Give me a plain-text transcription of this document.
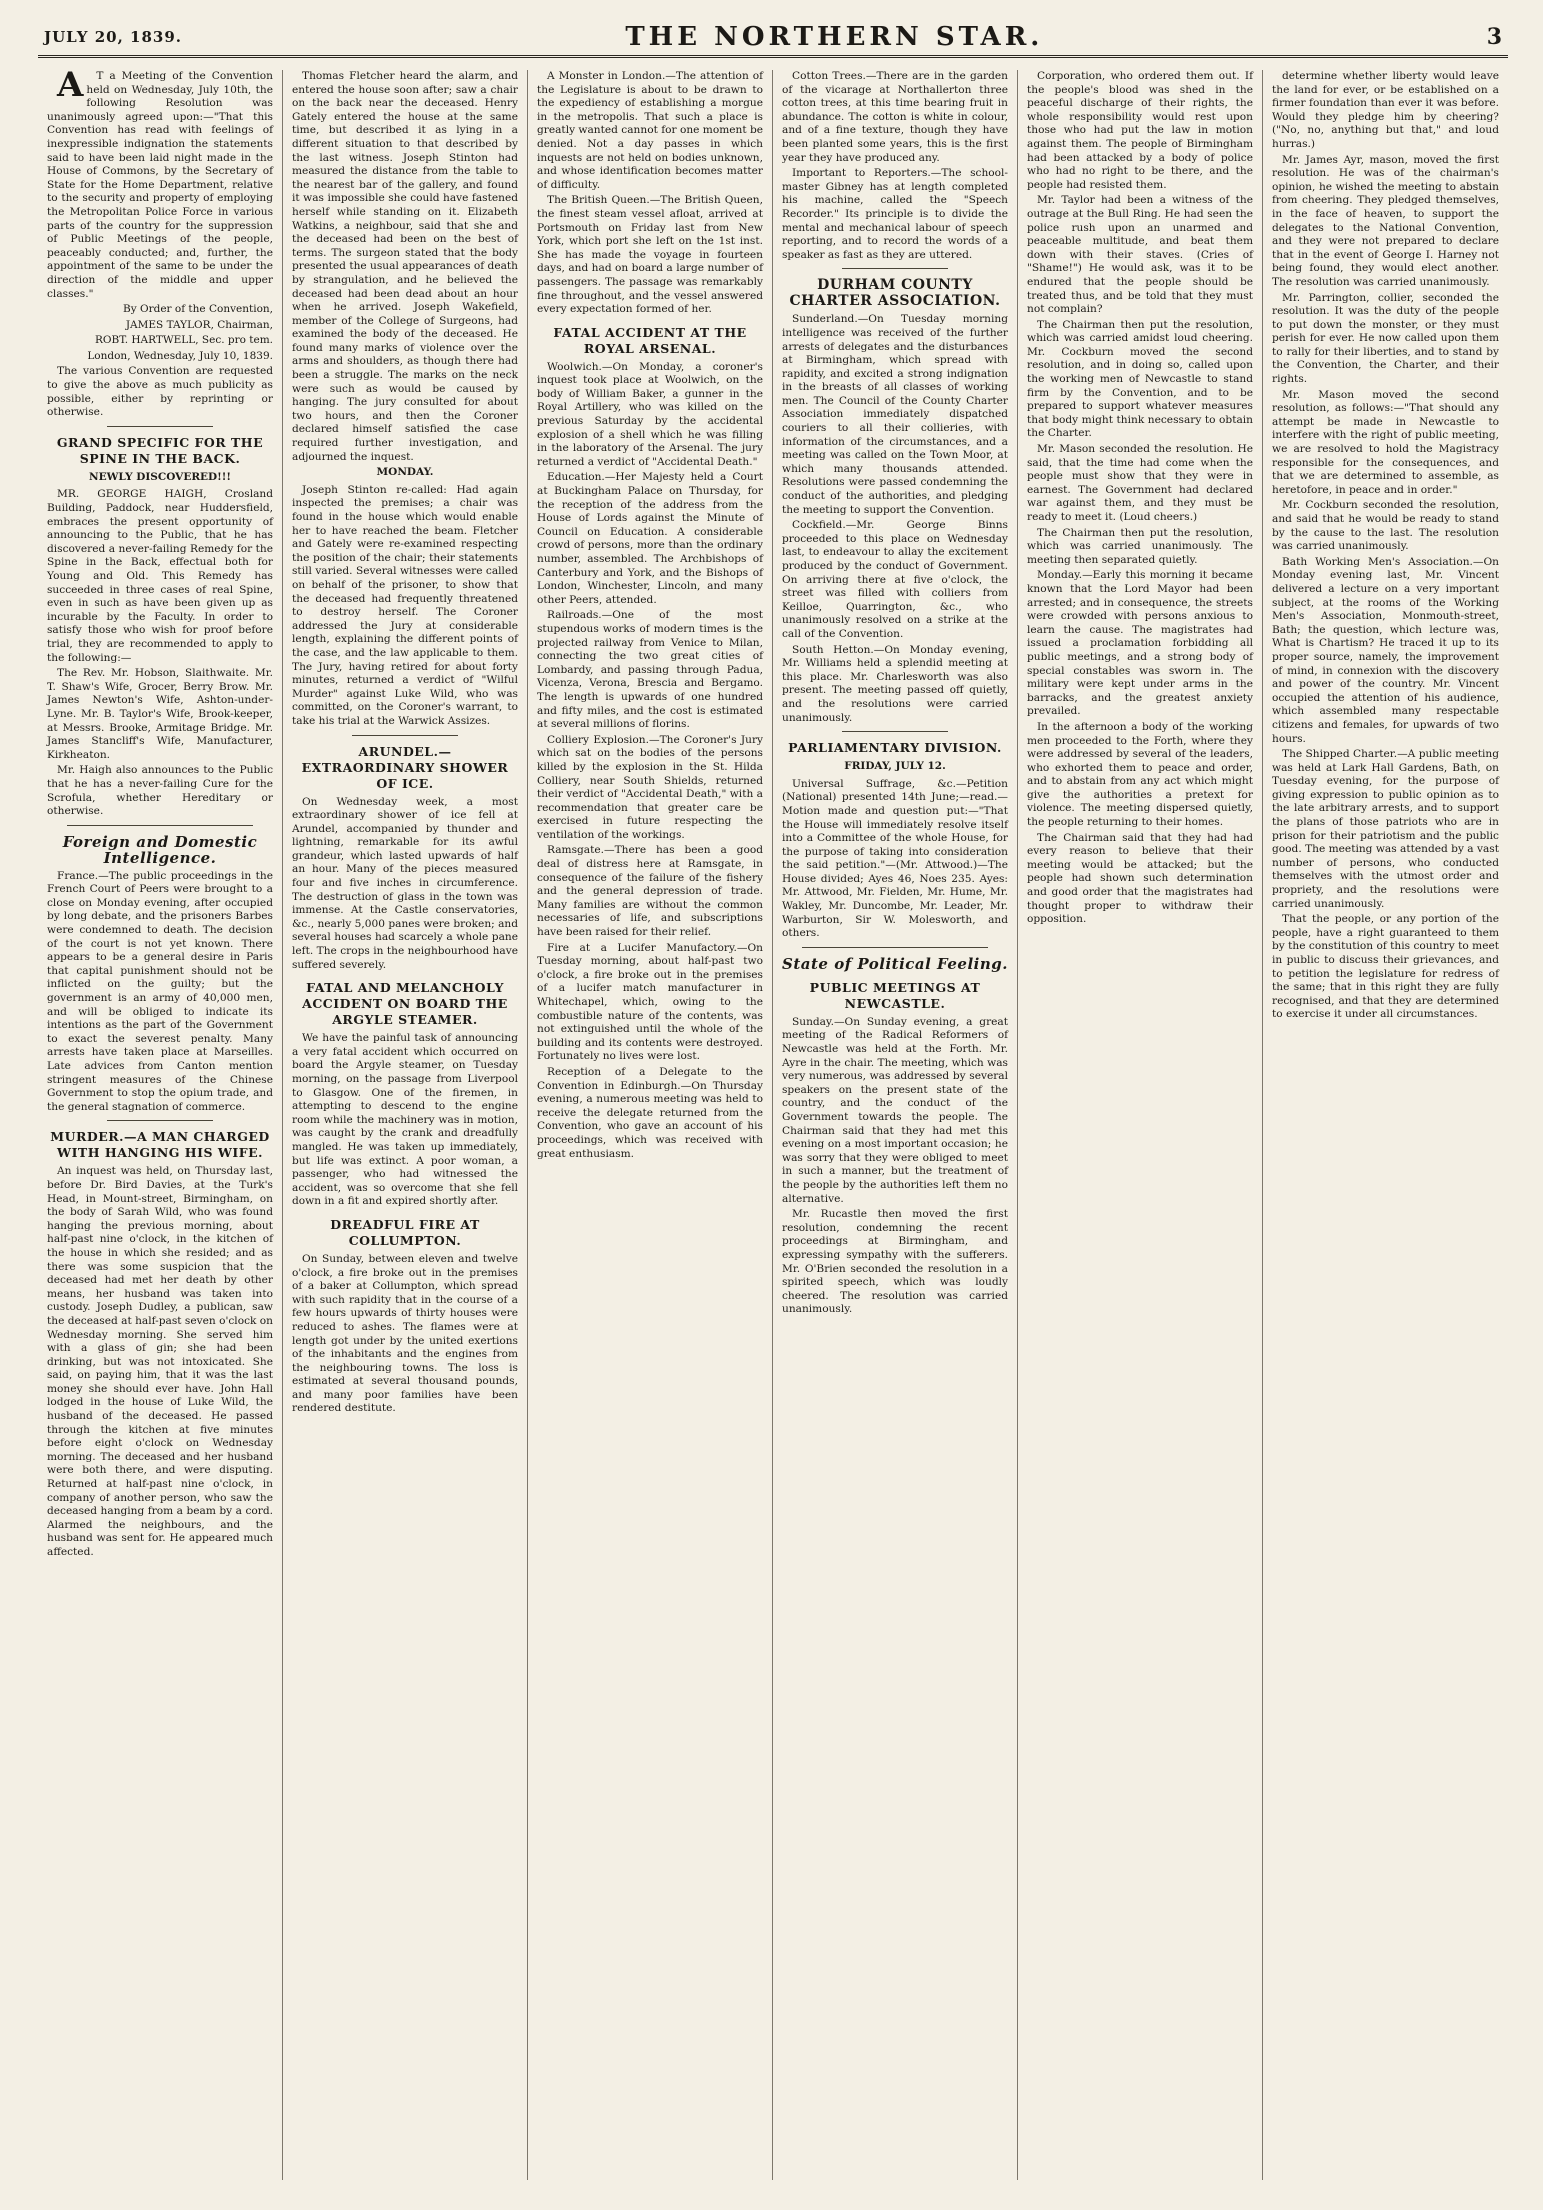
JULY 20, 1839.	THE NORTHERN STAR.	3

A T a Meeting of the Convention held on Wednesday, July 10th, the following Resolution was unanimously agreed upon:—"That this Convention has read with feelings of inexpressible indignation the statements said to have been laid night made in the House of Commons, by the Secretary of State for the Home Department, relative to the security and property of employing the Metropolitan Police Force in various parts of the country for the suppression of Public Meetings of the people, peaceably conducted; and, further, the appointment of the same to be under the direction of the middle and upper classes."

By Order of the Convention,
JAMES TAYLOR, Chairman,
ROBT. HARTWELL, Sec. pro tem.
London, Wednesday, July 10, 1839.

The various Convention are requested to give the above as much publicity as possible, either by reprinting or otherwise.

GRAND SPECIFIC FOR THE SPINE IN THE BACK.
NEWLY DISCOVERED!!!

MR. GEORGE HAIGH, Crosland Building, Paddock, near Huddersfield, embraces the present opportunity of announcing to the Public, that he has discovered a never-failing Remedy for the Spine in the Back, effectual both for Young and Old. This Remedy has succeeded in three cases of real Spine, even in such as have been given up as incurable by the Faculty. In order to satisfy those who wish for proof before trial, they are recommended to apply to the following:—

The Rev. Mr. Hobson, Slaithwaite. Mr. T. Shaw's Wife, Grocer, Berry Brow. Mr. James Newton's Wife, Ashton-under-Lyne. Mr. B. Taylor's Wife, Brook-keeper, at Messrs. Brooke, Armitage Bridge. Mr. James Stancliff's Wife, Manufacturer, Kirkheaton.

Mr. Haigh also announces to the Public that he has a never-failing Cure for the Scrofula, whether Hereditary or otherwise.

Foreign and Domestic Intelligence.

France.—The public proceedings in the French Court of Peers were brought to a close on Monday evening, after occupied by long debate, and the prisoners Barbes were condemned to death. The decision of the court is not yet known. There appears to be a general desire in Paris that capital punishment should not be inflicted on the guilty; but the government is an army of 40,000 men, and will be obliged to indicate its intentions as the part of the Government to exact the severest penalty. Many arrests have taken place at Marseilles. Late advices from Canton mention stringent measures of the Chinese Government to stop the opium trade, and the general stagnation of commerce.

MURDER.—A MAN CHARGED WITH HANGING HIS WIFE.

An inquest was held, on Thursday last, before Dr. Bird Davies, at the Turk's Head, in Mount-street, Birmingham, on the body of Sarah Wild, who was found hanging the previous morning, about half-past nine o'clock, in the kitchen of the house in which she resided; and as there was some suspicion that the deceased had met her death by other means, her husband was taken into custody. Joseph Dudley, a publican, saw the deceased at half-past seven o'clock on Wednesday morning. She served him with a glass of gin; she had been drinking, but was not intoxicated. She said, on paying him, that it was the last money she should ever have. John Hall lodged in the house of Luke Wild, the husband of the deceased. He passed through the kitchen at five minutes before eight o'clock on Wednesday morning. The deceased and her husband were both there, and were disputing. Returned at half-past nine o'clock, in company of another person, who saw the deceased hanging from a beam by a cord. Alarmed the neighbours, and the husband was sent for. He appeared much affected.

Thomas Fletcher heard the alarm, and entered the house soon after; saw a chair on the back near the deceased. Henry Gately entered the house at the same time, but described it as lying in a different situation to that described by the last witness. Joseph Stinton had measured the distance from the table to the nearest bar of the gallery, and found it was impossible she could have fastened herself while standing on it. Elizabeth Watkins, a neighbour, said that she and the deceased had been on the best of terms. The surgeon stated that the body presented the usual appearances of death by strangulation, and he believed the deceased had been dead about an hour when he arrived. Joseph Wakefield, member of the College of Surgeons, had examined the body of the deceased. He found many marks of violence over the arms and shoulders, as though there had been a struggle. The marks on the neck were such as would be caused by hanging. The jury consulted for about two hours, and then the Coroner declared himself satisfied the case required further investigation, and adjourned the inquest.

MONDAY.

Joseph Stinton re-called: Had again inspected the premises; a chair was found in the house which would enable her to have reached the beam. Fletcher and Gately were re-examined respecting the position of the chair; their statements still varied. Several witnesses were called on behalf of the prisoner, to show that the deceased had frequently threatened to destroy herself. The Coroner addressed the Jury at considerable length, explaining the different points of the case, and the law applicable to them. The Jury, having retired for about forty minutes, returned a verdict of "Wilful Murder" against Luke Wild, who was committed, on the Coroner's warrant, to take his trial at the Warwick Assizes.

ARUNDEL.—EXTRAORDINARY SHOWER OF ICE.

On Wednesday week, a most extraordinary shower of ice fell at Arundel, accompanied by thunder and lightning, remarkable for its awful grandeur, which lasted upwards of half an hour. Many of the pieces measured four and five inches in circumference. The destruction of glass in the town was immense. At the Castle conservatories, &c., nearly 5,000 panes were broken; and several houses had scarcely a whole pane left. The crops in the neighbourhood have suffered severely.

FATAL AND MELANCHOLY ACCIDENT ON BOARD THE ARGYLE STEAMER.

We have the painful task of announcing a very fatal accident which occurred on board the Argyle steamer, on Tuesday morning, on the passage from Liverpool to Glasgow. One of the firemen, in attempting to descend to the engine room while the machinery was in motion, was caught by the crank and dreadfully mangled. He was taken up immediately, but life was extinct. A poor woman, a passenger, who had witnessed the accident, was so overcome that she fell down in a fit and expired shortly after.

DREADFUL FIRE AT COLLUMPTON.

On Sunday, between eleven and twelve o'clock, a fire broke out in the premises of a baker at Collumpton, which spread with such rapidity that in the course of a few hours upwards of thirty houses were reduced to ashes. The flames were at length got under by the united exertions of the inhabitants and the engines from the neighbouring towns. The loss is estimated at several thousand pounds, and many poor families have been rendered destitute.

A Monster in London.—The attention of the Legislature is about to be drawn to the expediency of establishing a morgue in the metropolis. That such a place is greatly wanted cannot for one moment be denied. Not a day passes in which inquests are not held on bodies unknown, and whose identification becomes matter of difficulty.

The British Queen.—The British Queen, the finest steam vessel afloat, arrived at Portsmouth on Friday last from New York, which port she left on the 1st inst. She has made the voyage in fourteen days, and had on board a large number of passengers. The passage was remarkably fine throughout, and the vessel answered every expectation formed of her.

FATAL ACCIDENT AT THE ROYAL ARSENAL.

Woolwich.—On Monday, a coroner's inquest took place at Woolwich, on the body of William Baker, a gunner in the Royal Artillery, who was killed on the previous Saturday by the accidental explosion of a shell which he was filling in the laboratory of the Arsenal. The jury returned a verdict of "Accidental Death."

Education.—Her Majesty held a Court at Buckingham Palace on Thursday, for the reception of the address from the House of Lords against the Minute of Council on Education. A considerable crowd of persons, more than the ordinary number, assembled. The Archbishops of Canterbury and York, and the Bishops of London, Winchester, Lincoln, and many other Peers, attended.

Railroads.—One of the most stupendous works of modern times is the projected railway from Venice to Milan, connecting the two great cities of Lombardy, and passing through Padua, Vicenza, Verona, Brescia and Bergamo. The length is upwards of one hundred and fifty miles, and the cost is estimated at several millions of florins.

Colliery Explosion.—The Coroner's Jury which sat on the bodies of the persons killed by the explosion in the St. Hilda Colliery, near South Shields, returned their verdict of "Accidental Death," with a recommendation that greater care be exercised in future respecting the ventilation of the workings.

Ramsgate.—There has been a good deal of distress here at Ramsgate, in consequence of the failure of the fishery and the general depression of trade. Many families are without the common necessaries of life, and subscriptions have been raised for their relief.

Fire at a Lucifer Manufactory.—On Tuesday morning, about half-past two o'clock, a fire broke out in the premises of a lucifer match manufacturer in Whitechapel, which, owing to the combustible nature of the contents, was not extinguished until the whole of the building and its contents were destroyed. Fortunately no lives were lost.

Reception of a Delegate to the Convention in Edinburgh.—On Thursday evening, a numerous meeting was held to receive the delegate returned from the Convention, who gave an account of his proceedings, which was received with great enthusiasm.

Cotton Trees.—There are in the garden of the vicarage at Northallerton three cotton trees, at this time bearing fruit in abundance. The cotton is white in colour, and of a fine texture, though they have been planted some years, this is the first year they have produced any.

Important to Reporters.—The school-master Gibney has at length completed his machine, called the "Speech Recorder." Its principle is to divide the mental and mechanical labour of speech reporting, and to record the words of a speaker as fast as they are uttered.

DURHAM COUNTY CHARTER ASSOCIATION.

Sunderland.—On Tuesday morning intelligence was received of the further arrests of delegates and the disturbances at Birmingham, which spread with rapidity, and excited a strong indignation in the breasts of all classes of working men. The Council of the County Charter Association immediately dispatched couriers to all their collieries, with information of the circumstances, and a meeting was called on the Town Moor, at which many thousands attended. Resolutions were passed condemning the conduct of the authorities, and pledging the meeting to support the Convention.

Cockfield.—Mr. George Binns proceeded to this place on Wednesday last, to endeavour to allay the excitement produced by the conduct of Government. On arriving there at five o'clock, the street was filled with colliers from Keilloe, Quarrington, &c., who unanimously resolved on a strike at the call of the Convention.

South Hetton.—On Monday evening, Mr. Williams held a splendid meeting at this place. Mr. Charlesworth was also present. The meeting passed off quietly, and the resolutions were carried unanimously.

PARLIAMENTARY DIVISION.
FRIDAY, JULY 12.

Universal Suffrage, &c.—Petition (National) presented 14th June;—read.—Motion made and question put:—"That the House will immediately resolve itself into a Committee of the whole House, for the purpose of taking into consideration the said petition."—(Mr. Attwood.)—The House divided; Ayes 46, Noes 235. Ayes: Mr. Attwood, Mr. Fielden, Mr. Hume, Mr. Wakley, Mr. Duncombe, Mr. Leader, Mr. Warburton, Sir W. Molesworth, and others.

State of Political Feeling.
PUBLIC MEETINGS AT NEWCASTLE.

Sunday.—On Sunday evening, a great meeting of the Radical Reformers of Newcastle was held at the Forth. Mr. Ayre in the chair. The meeting, which was very numerous, was addressed by several speakers on the present state of the country, and the conduct of the Government towards the people. The Chairman said that they had met this evening on a most important occasion; he was sorry that they were obliged to meet in such a manner, but the treatment of the people by the authorities left them no alternative.

Mr. Rucastle then moved the first resolution, condemning the recent proceedings at Birmingham, and expressing sympathy with the sufferers. Mr. O'Brien seconded the resolution in a spirited speech, which was loudly cheered. The resolution was carried unanimously.

Corporation, who ordered them out. If the people's blood was shed in the peaceful discharge of their rights, the whole responsibility would rest upon those who had put the law in motion against them. The people of Birmingham had been attacked by a body of police who had no right to be there, and the people had resisted them.

Mr. Taylor had been a witness of the outrage at the Bull Ring. He had seen the police rush upon an unarmed and peaceable multitude, and beat them down with their staves. (Cries of "Shame!") He would ask, was it to be endured that the people should be treated thus, and be told that they must not complain?

The Chairman then put the resolution, which was carried amidst loud cheering. Mr. Cockburn moved the second resolution, and in doing so, called upon the working men of Newcastle to stand firm by the Convention, and to be prepared to support whatever measures that body might think necessary to obtain the Charter.

Mr. Mason seconded the resolution. He said, that the time had come when the people must show that they were in earnest. The Government had declared war against them, and they must be ready to meet it. (Loud cheers.)

The Chairman then put the resolution, which was carried unanimously. The meeting then separated quietly.

Monday.—Early this morning it became known that the Lord Mayor had been arrested; and in consequence, the streets were crowded with persons anxious to learn the cause. The magistrates had issued a proclamation forbidding all public meetings, and a strong body of special constables was sworn in. The military were kept under arms in the barracks, and the greatest anxiety prevailed.

In the afternoon a body of the working men proceeded to the Forth, where they were addressed by several of the leaders, who exhorted them to peace and order, and to abstain from any act which might give the authorities a pretext for violence. The meeting dispersed quietly, the people returning to their homes.

The Chairman said that they had had every reason to believe that their meeting would be attacked; but the people had shown such determination and good order that the magistrates had thought proper to withdraw their opposition.

determine whether liberty would leave the land for ever, or be established on a firmer foundation than ever it was before. Would they pledge him by cheering? ("No, no, anything but that," and loud hurras.)

Mr. James Ayr, mason, moved the first resolution. He was of the chairman's opinion, he wished the meeting to abstain from cheering. They pledged themselves, in the face of heaven, to support the delegates to the National Convention, and they were not prepared to declare that in the event of George I. Harney not being found, they would elect another. The resolution was carried unanimously.

Mr. Parrington, collier, seconded the resolution. It was the duty of the people to put down the monster, or they must perish for ever. He now called upon them to rally for their liberties, and to stand by the Convention, the Charter, and their rights.

Mr. Mason moved the second resolution, as follows:—"That should any attempt be made in Newcastle to interfere with the right of public meeting, we are resolved to hold the Magistracy responsible for the consequences, and that we are determined to assemble, as heretofore, in peace and in order."

Mr. Cockburn seconded the resolution, and said that he would be ready to stand by the cause to the last. The resolution was carried unanimously.

Bath Working Men's Association.—On Monday evening last, Mr. Vincent delivered a lecture on a very important subject, at the rooms of the Working Men's Association, Monmouth-street, Bath; the question, which lecture was, What is Chartism? He traced it up to its proper source, namely, the improvement of mind, in connexion with the discovery and power of the country. Mr. Vincent occupied the attention of his audience, which assembled many respectable citizens and females, for upwards of two hours.

The Shipped Charter.—A public meeting was held at Lark Hall Gardens, Bath, on Tuesday evening, for the purpose of giving expression to public opinion as to the late arbitrary arrests, and to support the plans of those patriots who are in prison for their patriotism and the public good. The meeting was attended by a vast number of persons, who conducted themselves with the utmost order and propriety, and the resolutions were carried unanimously.

That the people, or any portion of the people, have a right guaranteed to them by the constitution of this country to meet in public to discuss their grievances, and to petition the legislature for redress of the same; that in this right they are fully recognised, and that they are determined to exercise it under all circumstances.
